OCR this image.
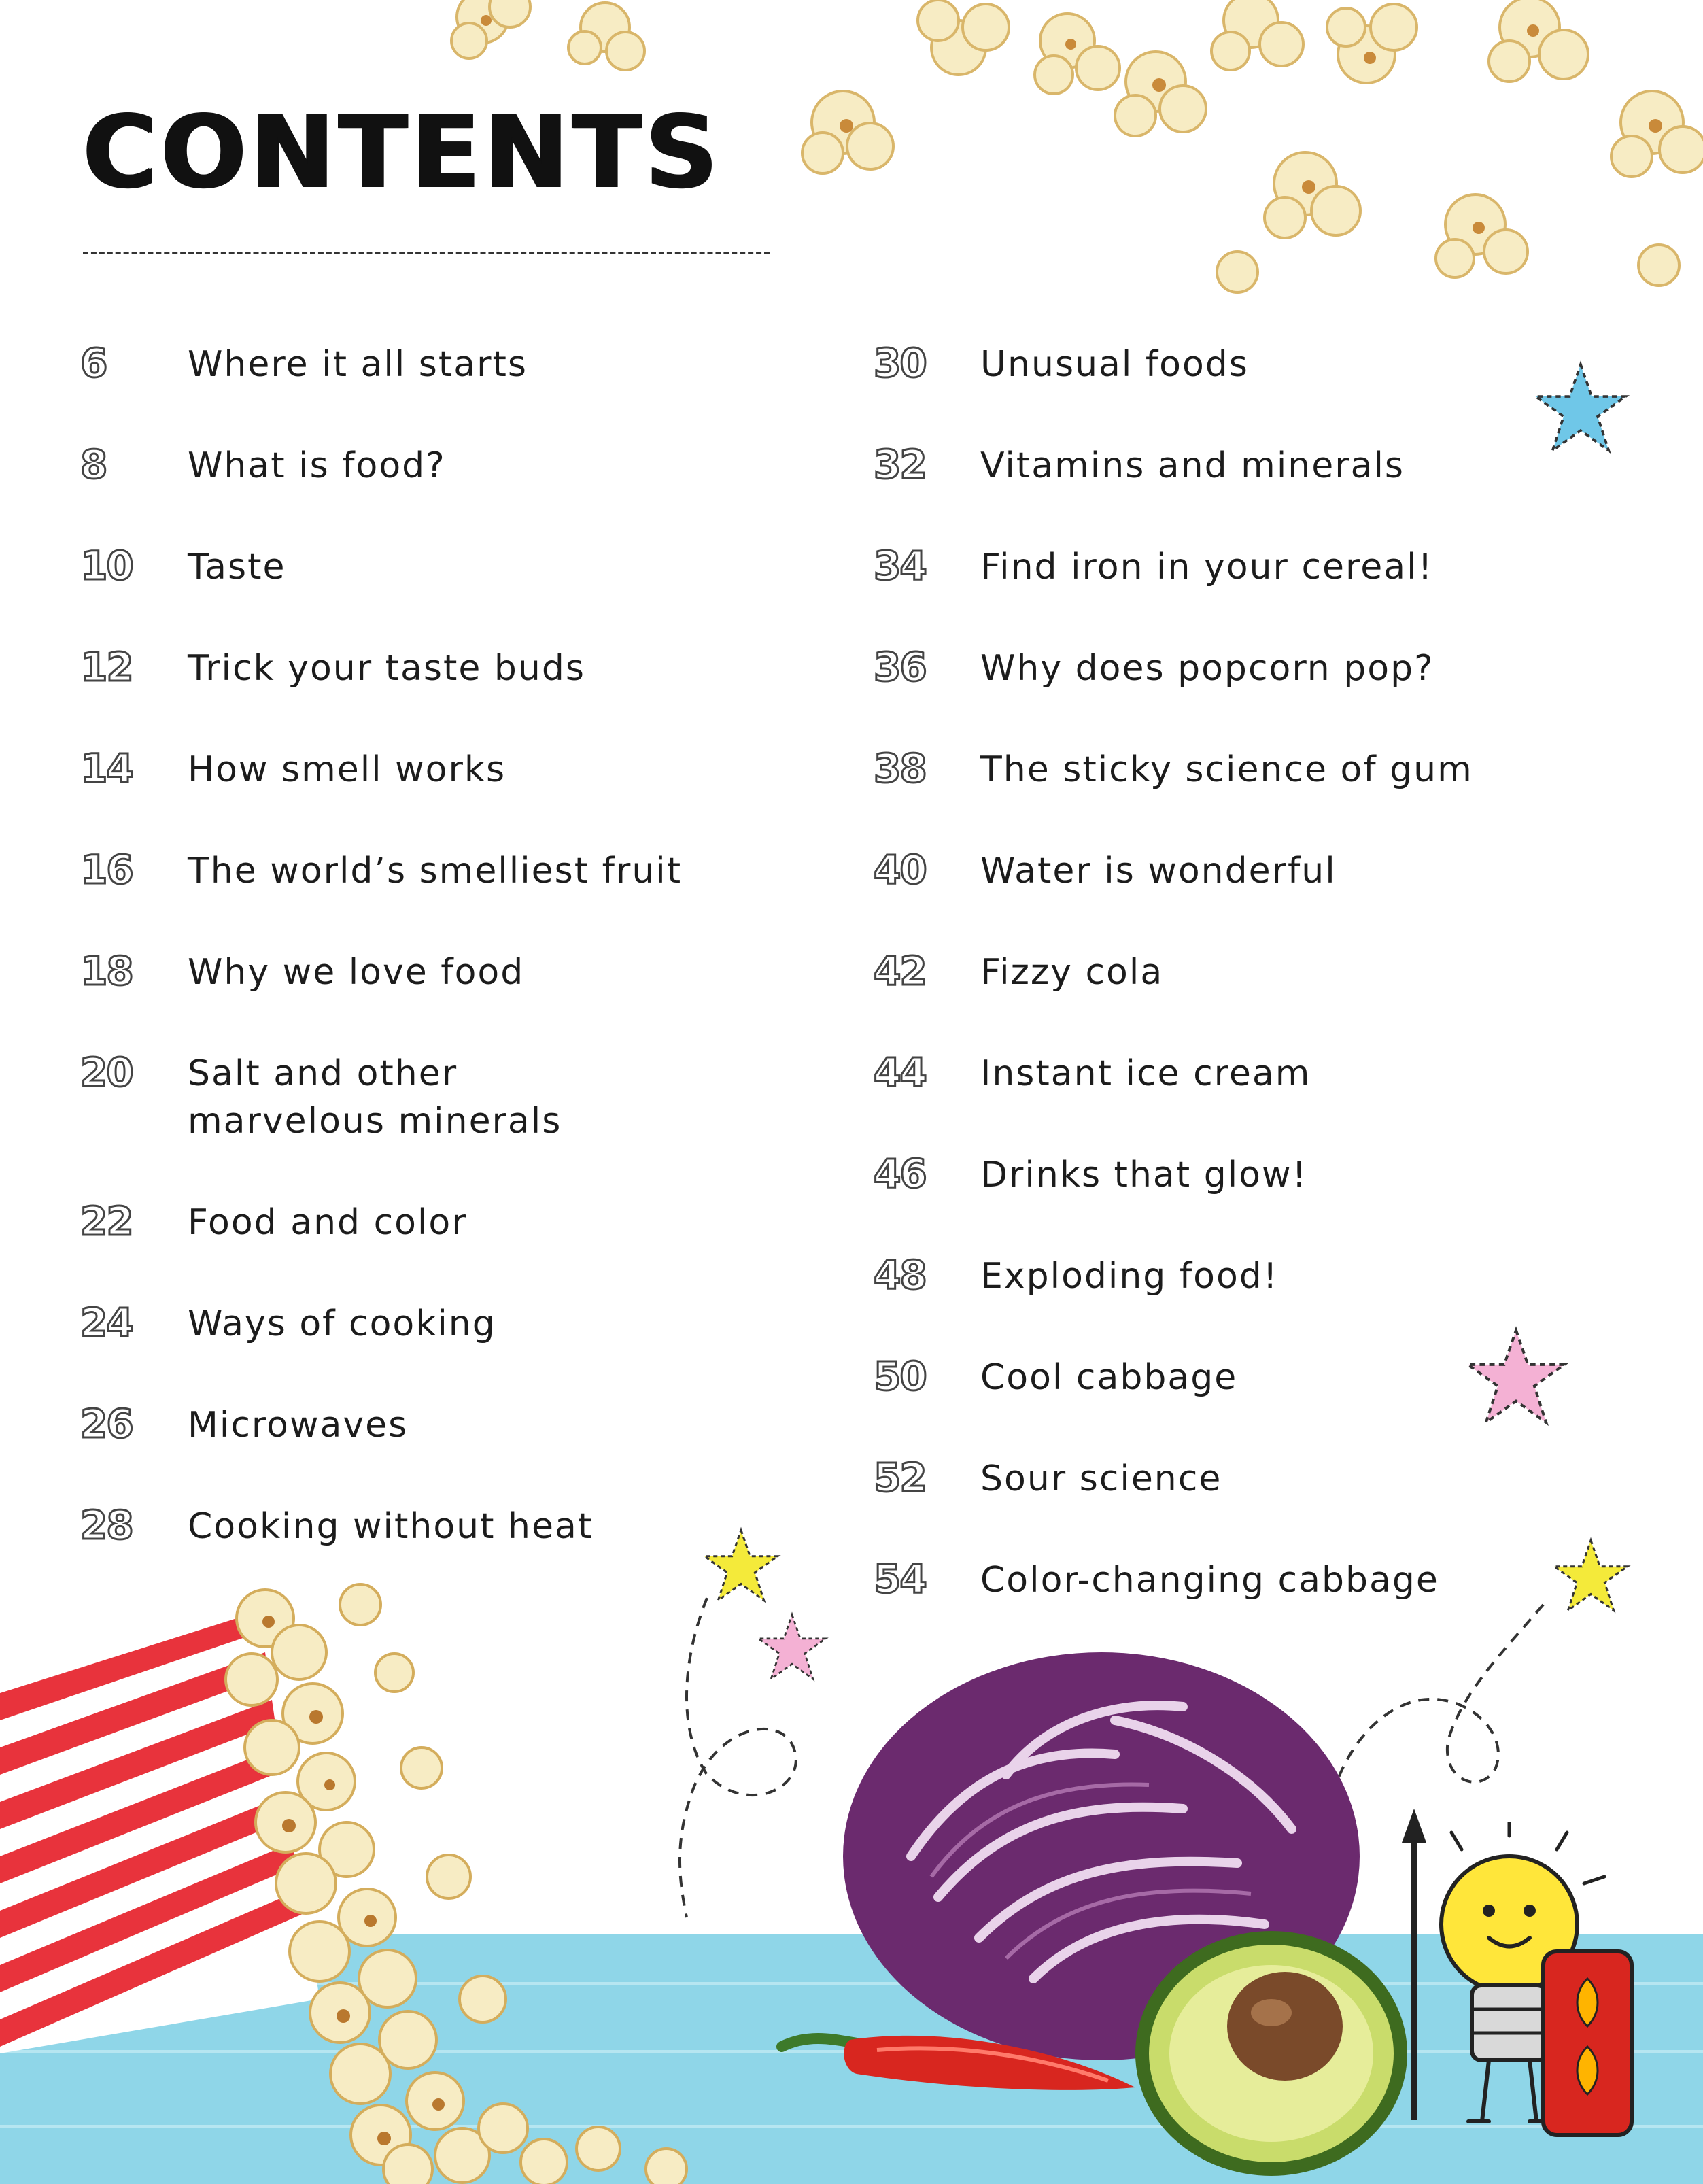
CONTENTS
6	Where it all starts
8	What is food?
10	Taste
12	Trick your taste buds
14	How smell works
16	The world’s smelliest fruit
18	Why we love food
20	Salt and other marvelous minerals
22	Food and color
24	Ways of cooking
26	Microwaves
28	Cooking without heat
30	Unusual foods
32	Vitamins and minerals
34	Find iron in your cereal!
36	Why does popcorn pop?
38	The sticky science of gum
40	Water is wonderful
42	Fizzy cola
44	Instant ice cream
46	Drinks that glow!
48	Exploding food!
50	Cool cabbage
52	Sour science
54	Color-changing cabbage
